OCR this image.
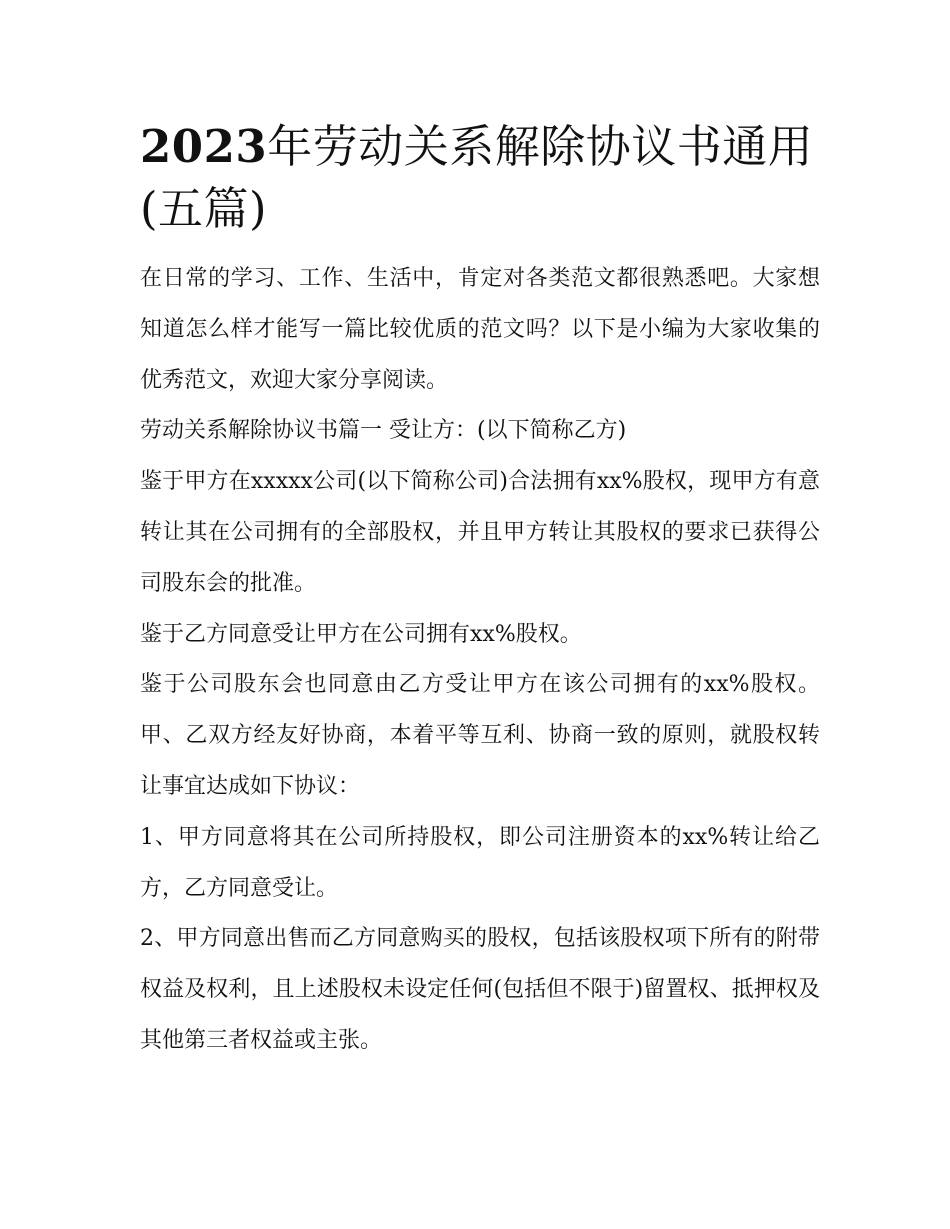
2023年劳动关系解除协议书通用(五篇)

在日常的学习、工作、生活中，肯定对各类范文都很熟悉吧。大家想知道怎么样才能写一篇比较优质的范文吗？以下是小编为大家收集的优秀范文，欢迎大家分享阅读。

劳动关系解除协议书篇一 受让方：(以下简称乙方)

鉴于甲方在xxxxx公司(以下简称公司)合法拥有xx%股权，现甲方有意转让其在公司拥有的全部股权，并且甲方转让其股权的要求已获得公司股东会的批准。

鉴于乙方同意受让甲方在公司拥有xx%股权。

鉴于公司股东会也同意由乙方受让甲方在该公司拥有的xx%股权。甲、乙双方经友好协商，本着平等互利、协商一致的原则，就股权转让事宜达成如下协议：

1、甲方同意将其在公司所持股权，即公司注册资本的xx%转让给乙方，乙方同意受让。

2、甲方同意出售而乙方同意购买的股权，包括该股权项下所有的附带权益及权利，且上述股权未设定任何(包括但不限于)留置权、抵押权及其他第三者权益或主张。
